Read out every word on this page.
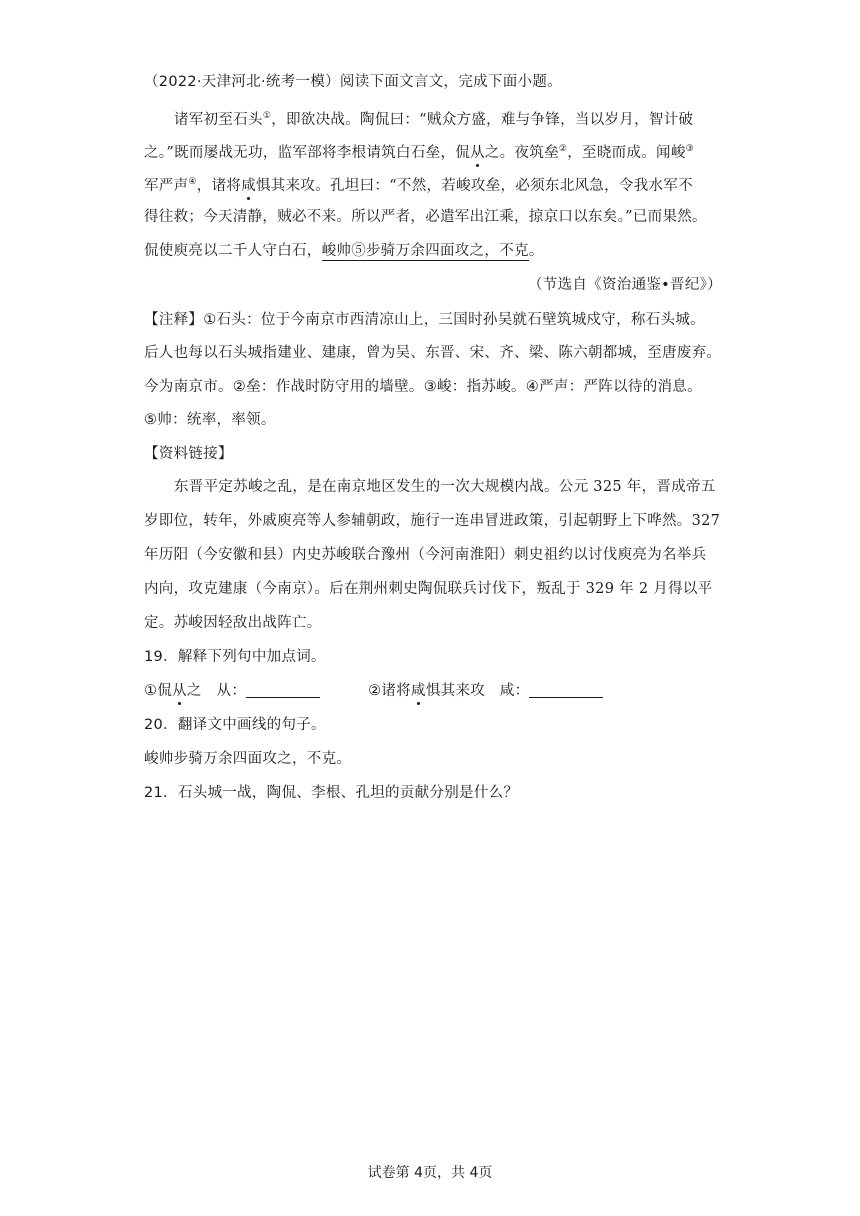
（2022·天津河北·统考一模）阅读下面文言文，完成下面小题。
诸军初至石头①，即欲决战。陶侃曰：“贼众方盛，难与争锋，当以岁月，智计破
之。”既而屡战无功，监军部将李根请筑白石垒，侃从之。夜筑垒②，至晓而成。闻峻③
军严声④，诸将咸惧其来攻。孔坦曰：“不然，若峻攻垒，必须东北风急，令我水军不
得往救；今天清静，贼必不来。所以严者，必遣军出江乘，掠京口以东矣。”已而果然。
侃使庾亮以二千人守白石，峻帅⑤步骑万余四面攻之，不克。
（节选自《资治通鉴•晋纪》）
【注释】①石头：位于今南京市西清凉山上，三国时孙吴就石壁筑城戍守，称石头城。
后人也每以石头城指建业、建康，曾为吴、东晋、宋、齐、梁、陈六朝都城，至唐废弃。
今为南京市。②垒：作战时防守用的墙壁。③峻：指苏峻。④严声：严阵以待的消息。
⑤帅：统率，率领。
【资料链接】
东晋平定苏峻之乱，是在南京地区发生的一次大规模内战。公元 325 年，晋成帝五
岁即位，转年，外戚庾亮等人参辅朝政，施行一连串冒进政策，引起朝野上下哗然。327
年历阳（今安徽和县）内史苏峻联合豫州（今河南淮阳）刺史祖约以讨伐庾亮为名举兵
内向，攻克建康（今南京）。后在荆州刺史陶侃联兵讨伐下，叛乱于 329 年 2 月得以平
定。苏峻因轻敌出战阵亡。
19．解释下列句中加点词。
①侃从之　从：	②诸将咸惧其来攻　咸：
20．翻译文中画线的句子。
峻帅步骑万余四面攻之，不克。
21．石头城一战，陶侃、李根、孔坦的贡献分别是什么？
试卷第 4页，共 4页
